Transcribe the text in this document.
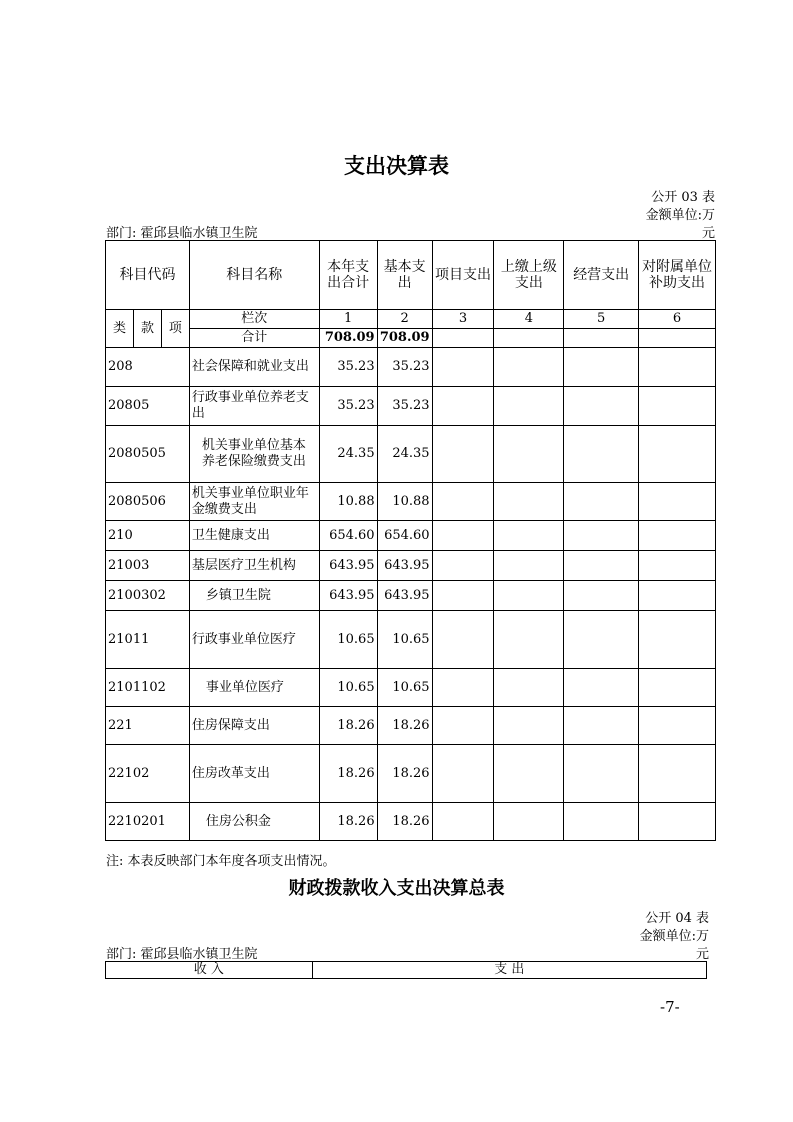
支出决算表
公开 03 表
金额单位:万
部门: 霍邱县临水镇卫生院	元
科目代码			科目名称	本年支出合计	基本支出	项目支出	上缴上级支出	经营支出	对附属单位补助支出
类	款	项	栏次	1	2	3	4	5	6
			合计	708.09	708.09				
208			社会保障和就业支出	35.23	35.23				
20805			行政事业单位养老支出	35.23	35.23				
2080505			机关事业单位基本养老保险缴费支出	24.35	24.35				
2080506			机关事业单位职业年金缴费支出	10.88	10.88				
210			卫生健康支出	654.60	654.60				
21003			基层医疗卫生机构	643.95	643.95				
2100302			乡镇卫生院	643.95	643.95				
21011			行政事业单位医疗	10.65	10.65				
2101102			事业单位医疗	10.65	10.65				
221			住房保障支出	18.26	18.26				
22102			住房改革支出	18.26	18.26				
2210201			住房公积金	18.26	18.26				
注: 本表反映部门本年度各项支出情况。
财政拨款收入支出决算总表
公开 04 表
金额单位:万
部门: 霍邱县临水镇卫生院	元
收 入	支 出
-7-
